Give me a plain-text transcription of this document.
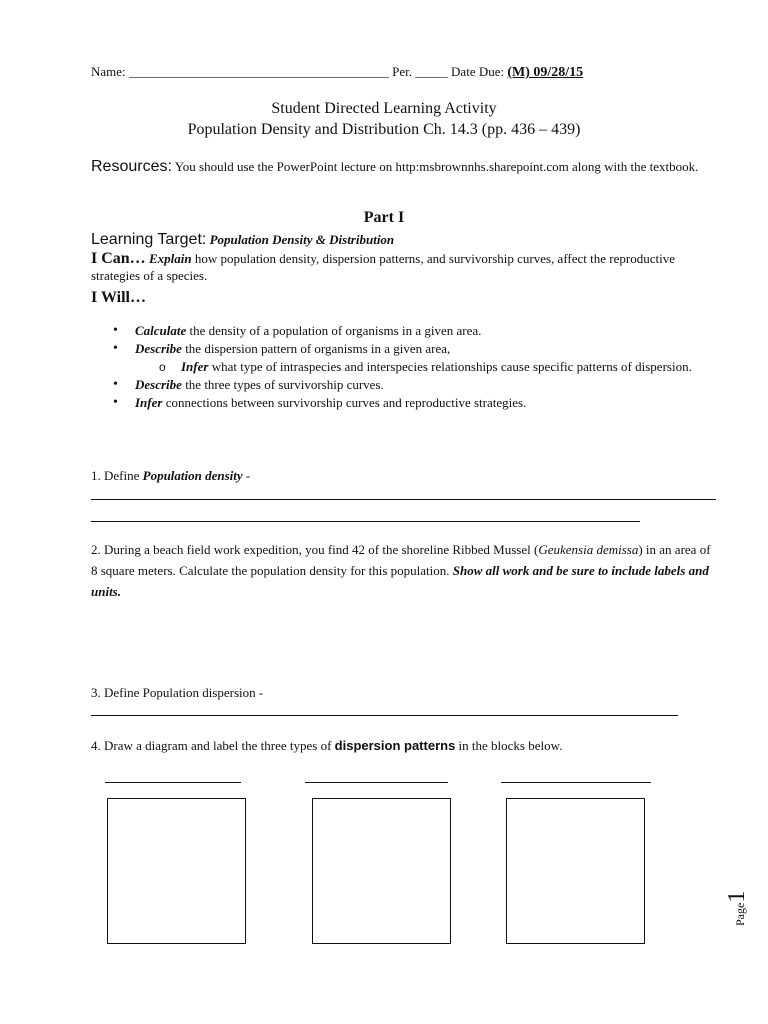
Name: ________________________________________ Per. _____ Date Due: (M) 09/28/15
Student Directed Learning Activity
Population Density and Distribution Ch. 14.3 (pp. 436 – 439)
Resources: You should use the PowerPoint lecture on http:msbrownnhs.sharepoint.com along with the textbook.
Part I
Learning Target: Population Density & Distribution
I Can… Explain how population density, dispersion patterns, and survivorship curves, affect the reproductive strategies of a species.
I Will…
• Calculate the density of a population of organisms in a given area.
• Describe the dispersion pattern of organisms in a given area,
o Infer what type of intraspecies and interspecies relationships cause specific patterns of dispersion.
• Describe the three types of survivorship curves.
• Infer connections between survivorship curves and reproductive strategies.
1. Define Population density -
2. During a beach field work expedition, you find 42 of the shoreline Ribbed Mussel (Geukensia demissa) in an area of 8 square meters. Calculate the population density for this population. Show all work and be sure to include labels and units.
3. Define Population dispersion -
4. Draw a diagram and label the three types of dispersion patterns in the blocks below.
Page1
